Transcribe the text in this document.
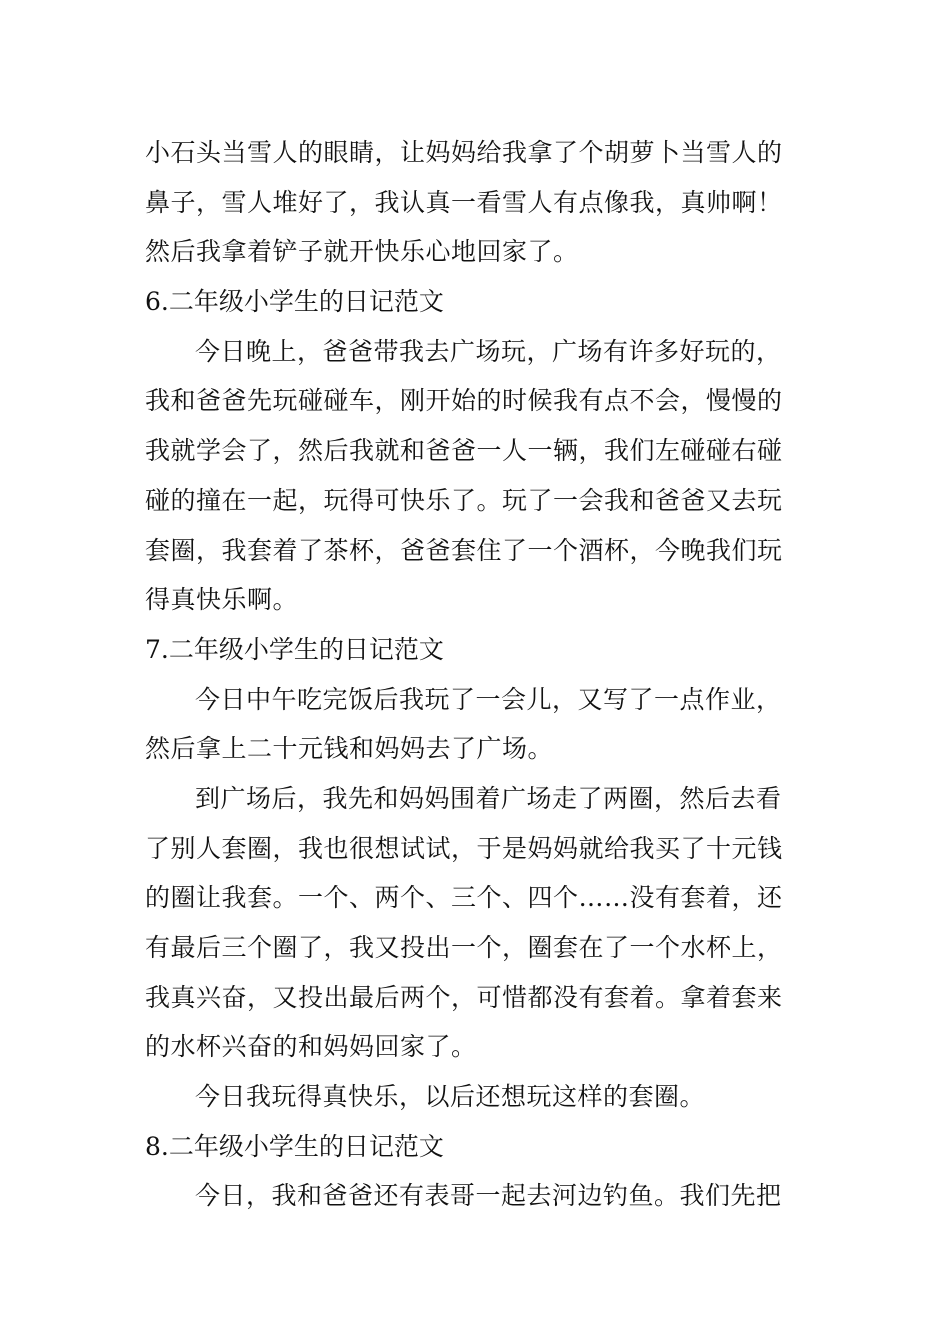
小石头当雪人的眼睛，让妈妈给我拿了个胡萝卜当雪人的
鼻子，雪人堆好了，我认真一看雪人有点像我，真帅啊！
然后我拿着铲子就开快乐心地回家了。
6.二年级小学生的日记范文
今日晚上，爸爸带我去广场玩，广场有许多好玩的，
我和爸爸先玩碰碰车，刚开始的时候我有点不会，慢慢的
我就学会了，然后我就和爸爸一人一辆，我们左碰碰右碰
碰的撞在一起，玩得可快乐了。玩了一会我和爸爸又去玩
套圈，我套着了茶杯，爸爸套住了一个酒杯，今晚我们玩
得真快乐啊。
7.二年级小学生的日记范文
今日中午吃完饭后我玩了一会儿，又写了一点作业，
然后拿上二十元钱和妈妈去了广场。
到广场后，我先和妈妈围着广场走了两圈，然后去看
了别人套圈，我也很想试试，于是妈妈就给我买了十元钱
的圈让我套。一个、两个、三个、四个……没有套着，还
有最后三个圈了，我又投出一个，圈套在了一个水杯上，
我真兴奋，又投出最后两个，可惜都没有套着。拿着套来
的水杯兴奋的和妈妈回家了。
今日我玩得真快乐，以后还想玩这样的套圈。
8.二年级小学生的日记范文
今日，我和爸爸还有表哥一起去河边钓鱼。我们先把
